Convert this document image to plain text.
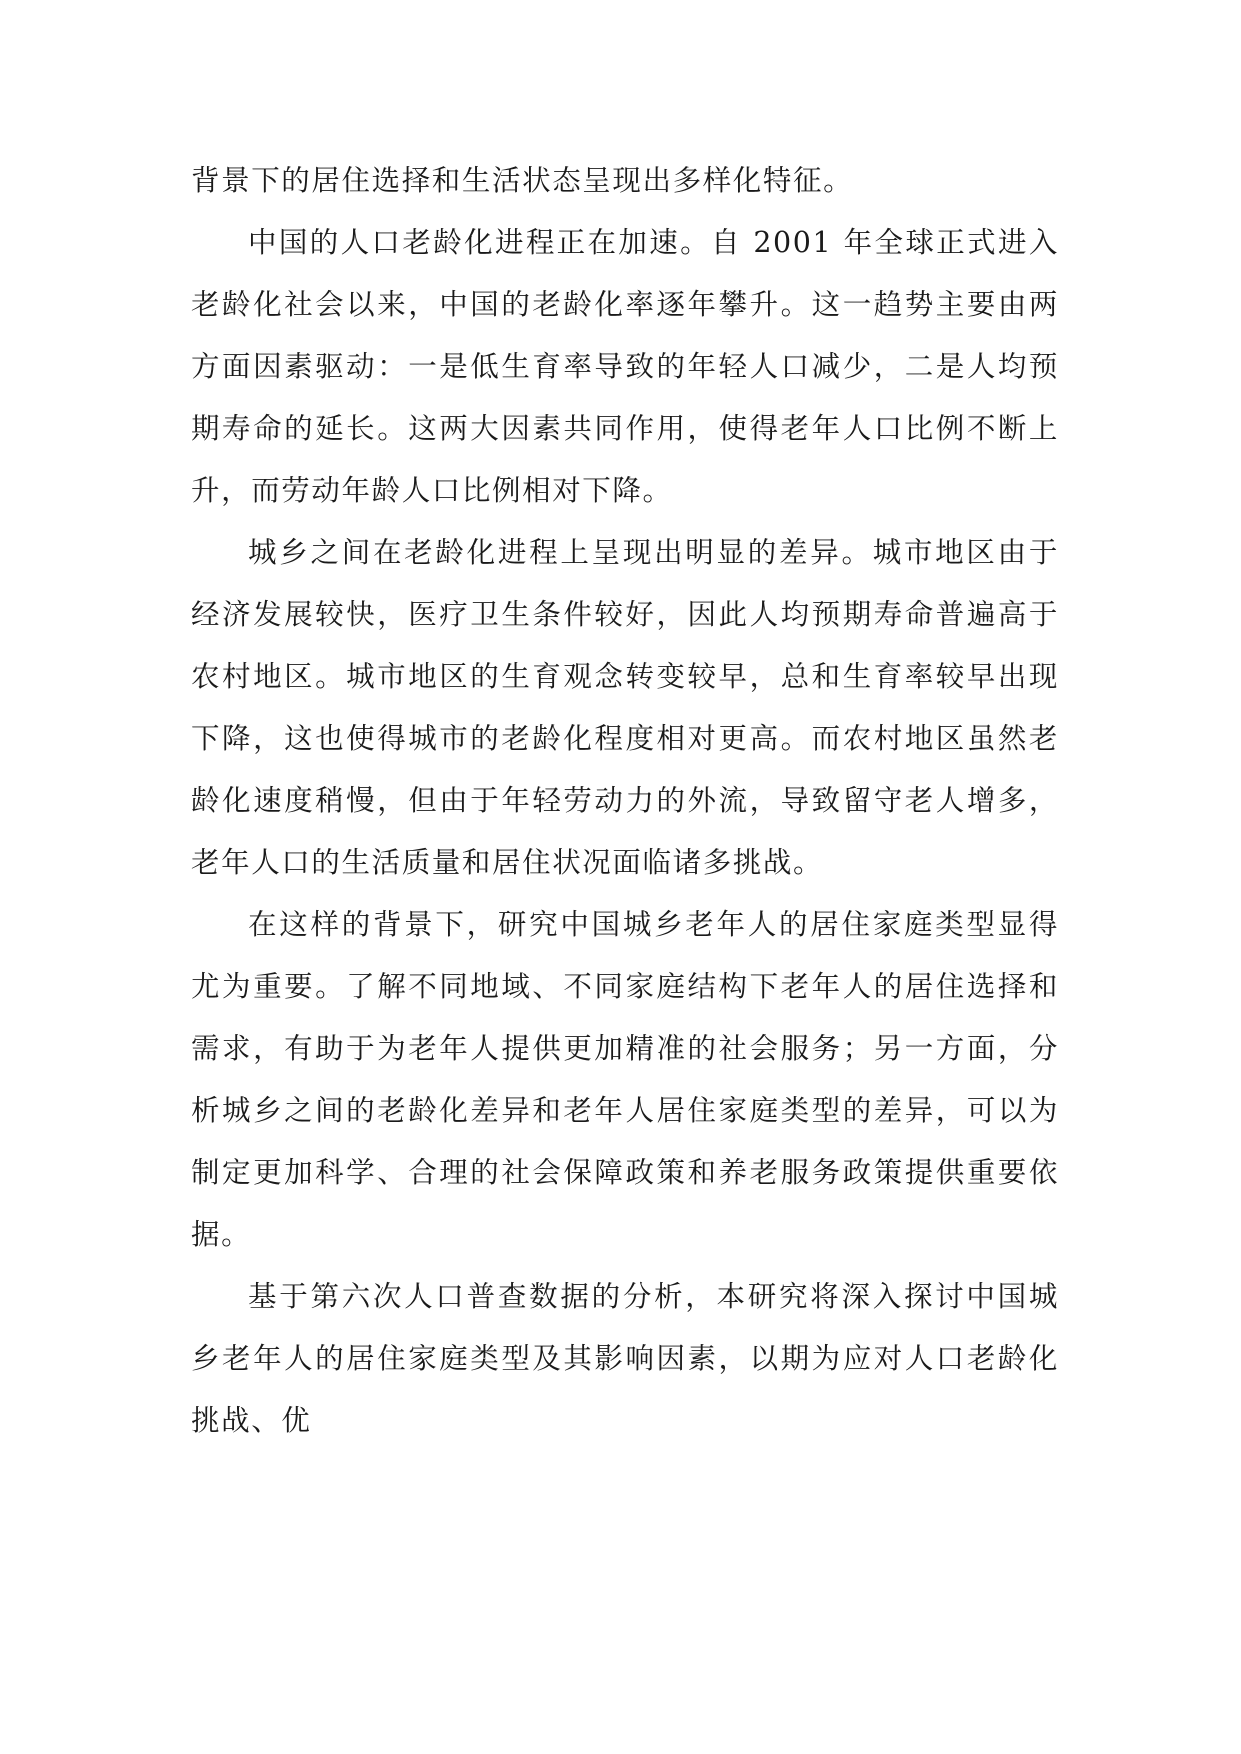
背景下的居住选择和生活状态呈现出多样化特征。

中国的人口老龄化进程正在加速。自 2001 年全球正式进入老龄化社会以来，中国的老龄化率逐年攀升。这一趋势主要由两方面因素驱动：一是低生育率导致的年轻人口减少，二是人均预期寿命的延长。这两大因素共同作用，使得老年人口比例不断上升，而劳动年龄人口比例相对下降。

城乡之间在老龄化进程上呈现出明显的差异。城市地区由于经济发展较快，医疗卫生条件较好，因此人均预期寿命普遍高于农村地区。城市地区的生育观念转变较早，总和生育率较早出现下降，这也使得城市的老龄化程度相对更高。而农村地区虽然老龄化速度稍慢，但由于年轻劳动力的外流，导致留守老人增多，老年人口的生活质量和居住状况面临诸多挑战。

在这样的背景下，研究中国城乡老年人的居住家庭类型显得尤为重要。了解不同地域、不同家庭结构下老年人的居住选择和需求，有助于为老年人提供更加精准的社会服务；另一方面，分析城乡之间的老龄化差异和老年人居住家庭类型的差异，可以为制定更加科学、合理的社会保障政策和养老服务政策提供重要依据。

基于第六次人口普查数据的分析，本研究将深入探讨中国城乡老年人的居住家庭类型及其影响因素，以期为应对人口老龄化挑战、优
